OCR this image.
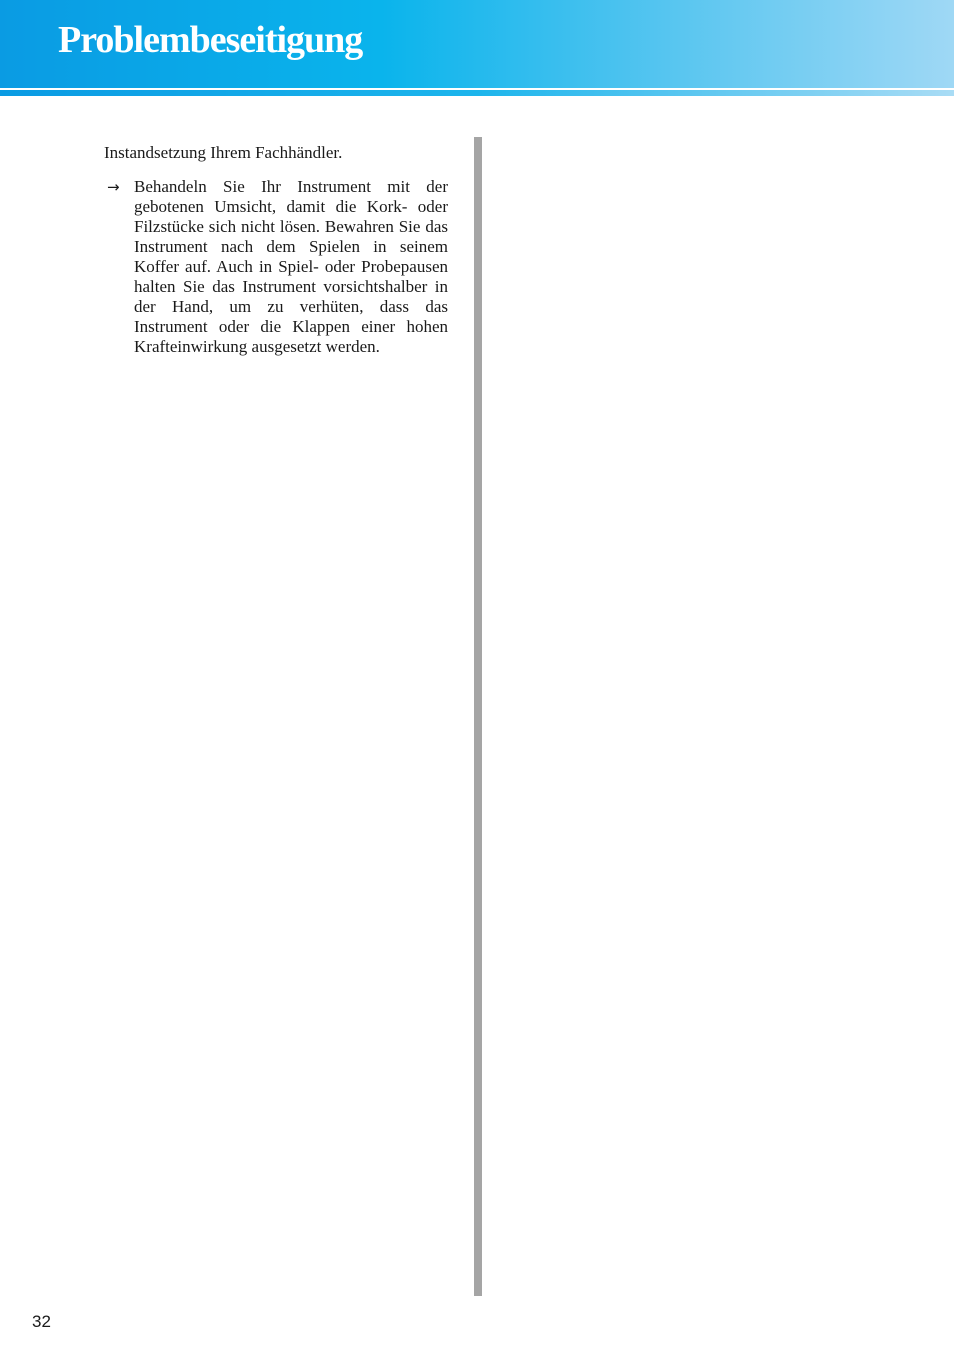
Problembeseitigung

Instandsetzung Ihrem Fachhändler.

→ Behandeln Sie Ihr Instrument mit der gebotenen Umsicht, damit die Kork- oder Filzstücke sich nicht lösen. Bewahren Sie das Instrument nach dem Spielen in seinem Koffer auf. Auch in Spiel- oder Probepausen halten Sie das Instrument vorsichtshalber in der Hand, um zu verhüten, dass das Instrument oder die Klappen einer hohen Krafteinwirkung ausgesetzt werden.
32
